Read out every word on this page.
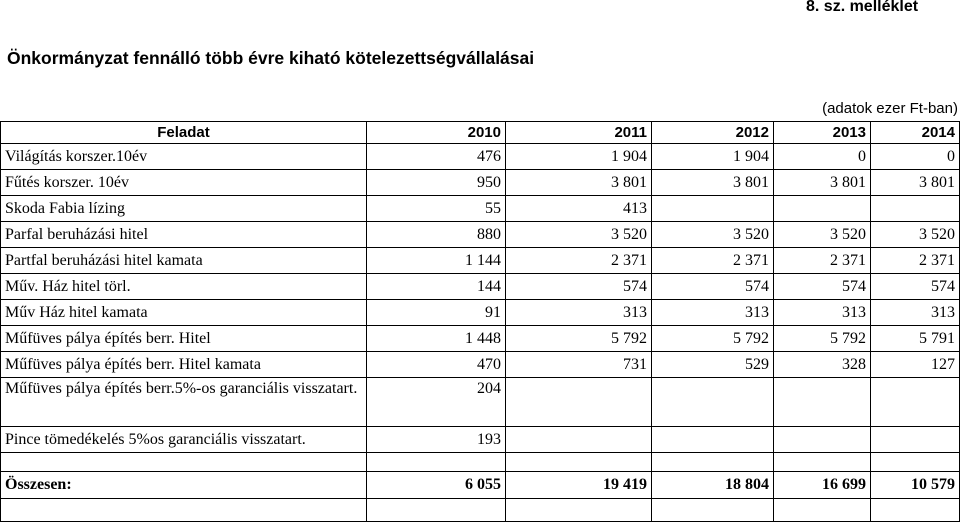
8. sz. melléklet
Önkormányzat fennálló több évre kiható kötelezettségvállalásai
(adatok ezer Ft-ban)
Feladat	2010	2011	2012	2013	2014
Világítás korszer.10év	476	1 904	1 904	0	0
Fűtés korszer. 10év	950	3 801	3 801	3 801	3 801
Skoda Fabia lízing	55	413			
Parfal beruházási hitel	880	3 520	3 520	3 520	3 520
Partfal beruházási hitel kamata	1 144	2 371	2 371	2 371	2 371
Műv. Ház hitel törl.	144	574	574	574	574
Műv Ház hitel kamata	91	313	313	313	313
Műfüves pálya építés berr. Hitel	1 448	5 792	5 792	5 792	5 791
Műfüves pálya építés berr. Hitel kamata	470	731	529	328	127
Műfüves pálya építés berr.5%-os garanciális visszatart.	204				
Pince tömedékelés 5%os garanciális visszatart.	193				

Összesen:	6 055	19 419	18 804	16 699	10 579
